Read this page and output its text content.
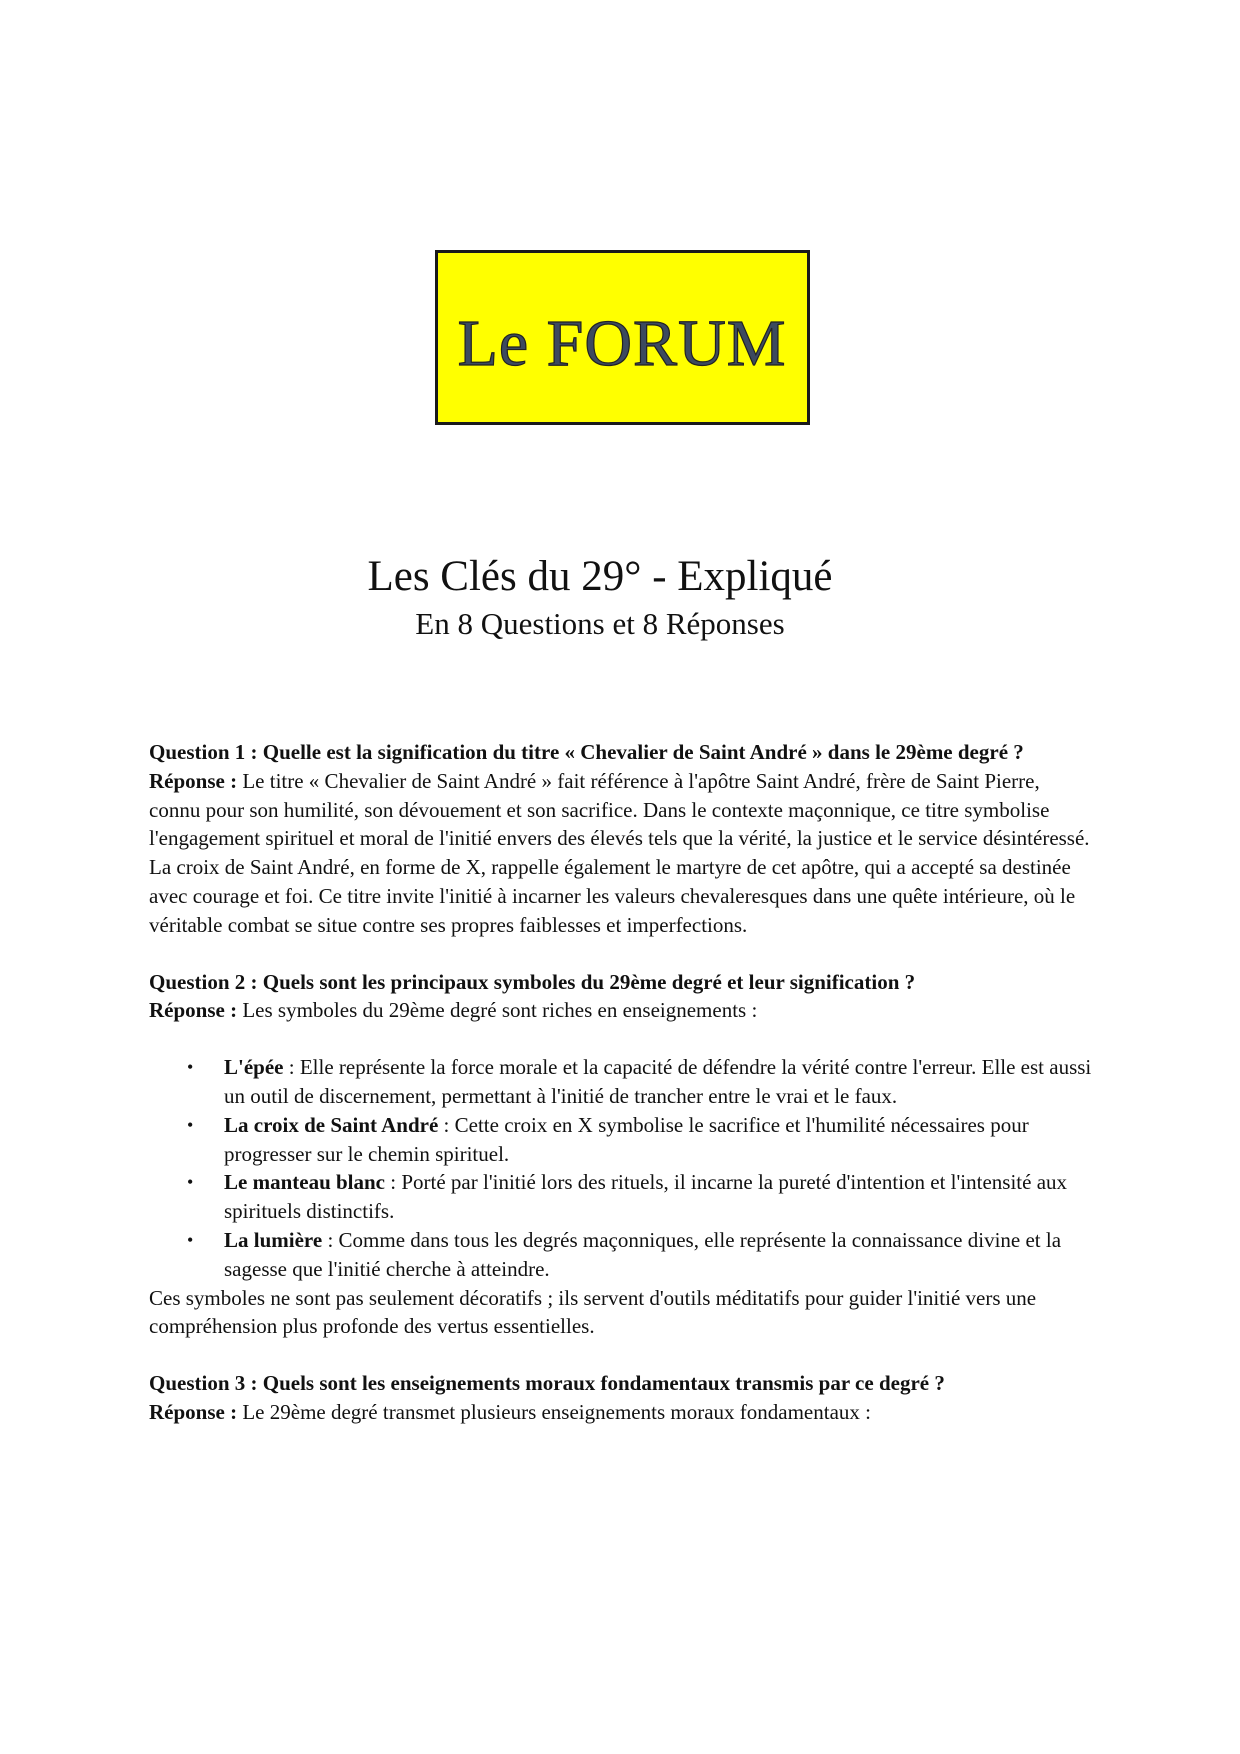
Le FORUM
Les Clés du 29° - Expliqué
En 8 Questions et 8 Réponses

Question 1 : Quelle est la signification du titre « Chevalier de Saint André » dans le 29ème degré ?

Réponse : Le titre « Chevalier de Saint André » fait référence à l'apôtre Saint André, frère de Saint Pierre, connu pour son humilité, son dévouement et son sacrifice. Dans le contexte maçonnique, ce titre symbolise l'engagement spirituel et moral de l'initié envers des élevés tels que la vérité, la justice et le service désintéressé. La croix de Saint André, en forme de X, rappelle également le martyre de cet apôtre, qui a accepté sa destinée avec courage et foi. Ce titre invite l'initié à incarner les valeurs chevaleresques dans une quête intérieure, où le véritable combat se situe contre ses propres faiblesses et imperfections.

Question 2 : Quels sont les principaux symboles du 29ème degré et leur signification ?

Réponse : Les symboles du 29ème degré sont riches en enseignements :

• L'épée : Elle représente la force morale et la capacité de défendre la vérité contre l'erreur. Elle est aussi un outil de discernement, permettant à l'initié de trancher entre le vrai et le faux.
• La croix de Saint André : Cette croix en X symbolise le sacrifice et l'humilité nécessaires pour progresser sur le chemin spirituel.
• Le manteau blanc : Porté par l'initié lors des rituels, il incarne la pureté d'intention et l'intensité aux spirituels distinctifs.
• La lumière : Comme dans tous les degrés maçonniques, elle représente la connaissance divine et la sagesse que l'initié cherche à atteindre.

Ces symboles ne sont pas seulement décoratifs ; ils servent d'outils méditatifs pour guider l'initié vers une compréhension plus profonde des vertus essentielles.

Question 3 : Quels sont les enseignements moraux fondamentaux transmis par ce degré ?

Réponse : Le 29ème degré transmet plusieurs enseignements moraux fondamentaux :
